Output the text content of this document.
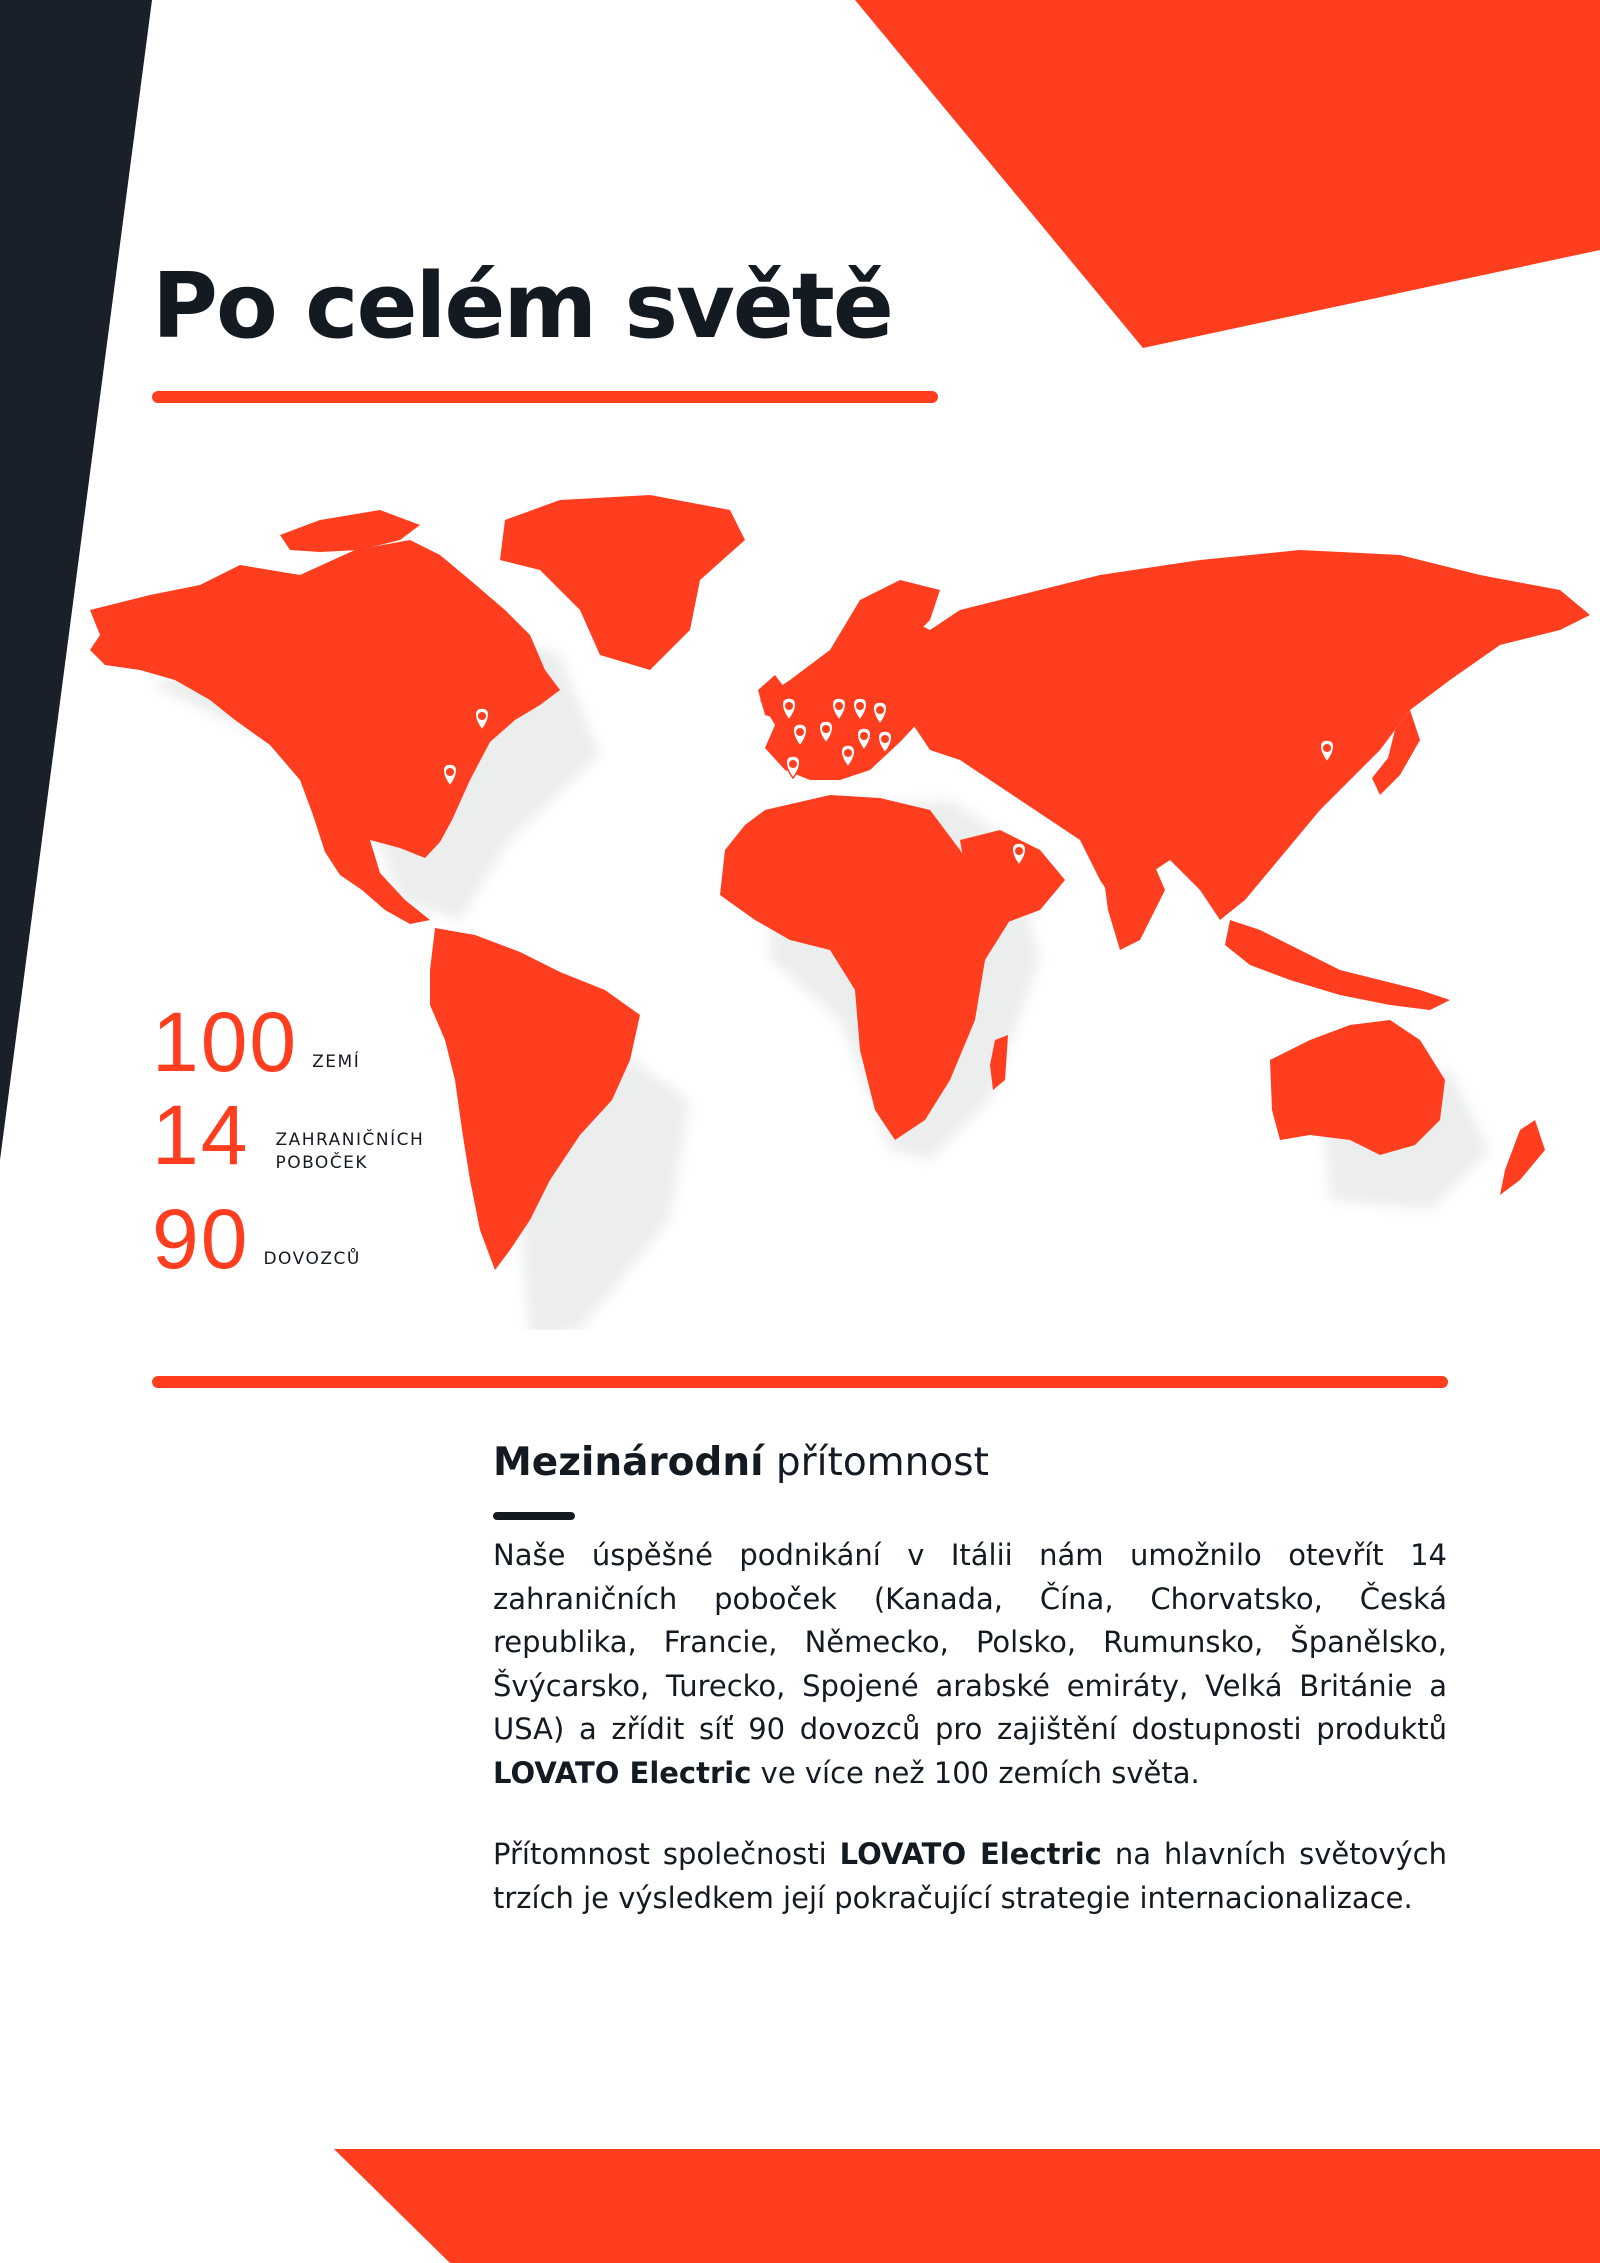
Po celém světě
100 ZEMÍ
14 ZAHRANIČNÍCH
POBOČEK
90 DOVOZCŮ
Mezinárodní přítomnost

Naše úspěšné podnikání v Itálii nám umožnilo otevřít 14 zahraničních poboček (Kanada, Čína, Chorvatsko, Česká republika, Francie, Německo, Polsko, Rumunsko, Španělsko, Švýcarsko, Turecko, Spojené arabské emiráty, Velká Británie a USA) a zřídit síť 90 dovozců pro zajištění dostupnosti produktů LOVATO Electric ve více než 100 zemích světa.

Přítomnost společnosti LOVATO Electric na hlavních světových trzích je výsledkem její pokračující strategie internacionalizace.
